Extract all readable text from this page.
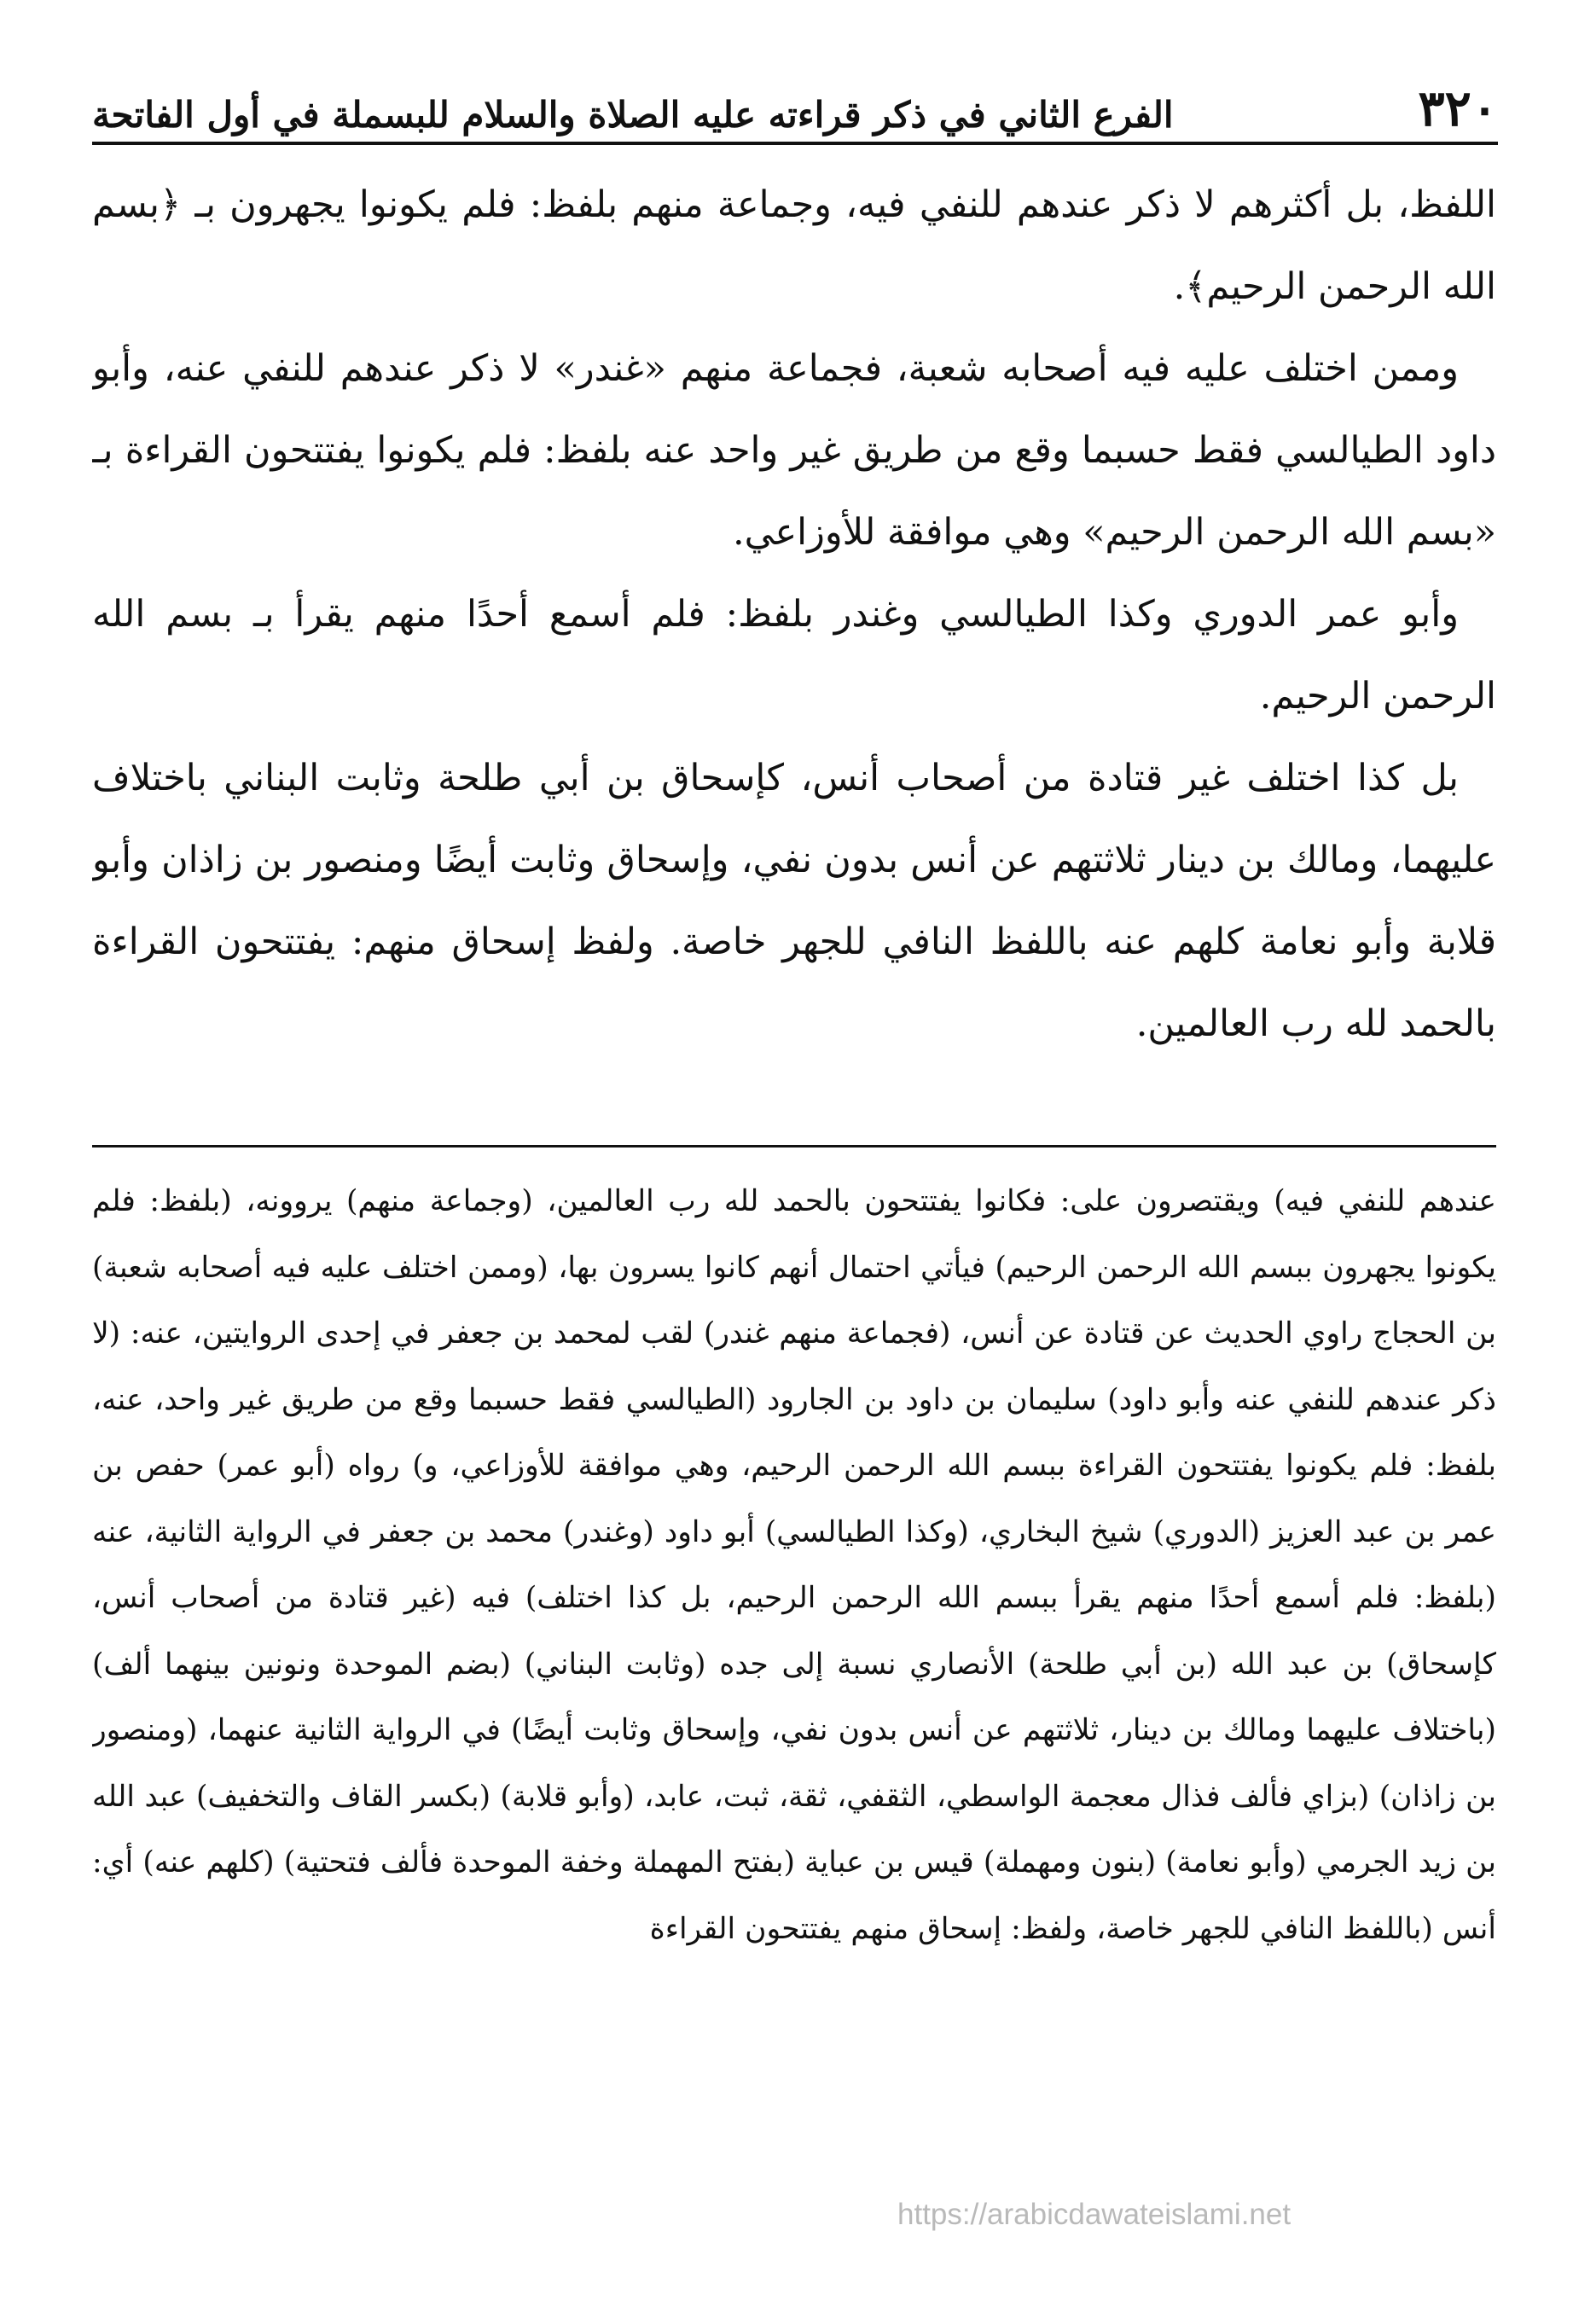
٣٢٠
الفرع الثاني في ذكر قراءته عليه الصلاة والسلام للبسملة في أول الفاتحة

اللفظ، بل أكثرهم لا ذكر عندهم للنفي فيه، وجماعة منهم بلفظ: فلم يكونوا يجهرون بـ ﴿بسم الله الرحمن الرحيم﴾.

وممن اختلف عليه فيه أصحابه شعبة، فجماعة منهم «غندر» لا ذكر عندهم للنفي عنه، وأبو داود الطيالسي فقط حسبما وقع من طريق غير واحد عنه بلفظ: فلم يكونوا يفتتحون القراءة بـ «بسم الله الرحمن الرحيم» وهي موافقة للأوزاعي.

وأبو عمر الدوري وكذا الطيالسي وغندر بلفظ: فلم أسمع أحدًا منهم يقرأ بـ بسم الله الرحمن الرحيم.

بل كذا اختلف غير قتادة من أصحاب أنس، كإسحاق بن أبي طلحة وثابت البناني باختلاف عليهما، ومالك بن دينار ثلاثتهم عن أنس بدون نفي، وإسحاق وثابت أيضًا ومنصور بن زاذان وأبو قلابة وأبو نعامة كلهم عنه باللفظ النافي للجهر خاصة. ولفظ إسحاق منهم: يفتتحون القراءة بالحمد لله رب العالمين.

عندهم للنفي فيه) ويقتصرون على: فكانوا يفتتحون بالحمد لله رب العالمين، (وجماعة منهم) يروونه، (بلفظ: فلم يكونوا يجهرون ببسم الله الرحمن الرحيم) فيأتي احتمال أنهم كانوا يسرون بها، (وممن اختلف عليه فيه أصحابه شعبة) بن الحجاج راوي الحديث عن قتادة عن أنس، (فجماعة منهم غندر) لقب لمحمد بن جعفر في إحدى الروايتين، عنه: (لا ذكر عندهم للنفي عنه وأبو داود) سليمان بن داود بن الجارود (الطيالسي فقط حسبما وقع من طريق غير واحد، عنه، بلفظ: فلم يكونوا يفتتحون القراءة ببسم الله الرحمن الرحيم، وهي موافقة للأوزاعي، و) رواه (أبو عمر) حفص بن عمر بن عبد العزيز (الدوري) شيخ البخاري، (وكذا الطيالسي) أبو داود (وغندر) محمد بن جعفر في الرواية الثانية، عنه (بلفظ: فلم أسمع أحدًا منهم يقرأ ببسم الله الرحمن الرحيم، بل كذا اختلف) فيه (غير قتادة من أصحاب أنس، كإسحاق) بن عبد الله (بن أبي طلحة) الأنصاري نسبة إلى جده (وثابت البناني) (بضم الموحدة ونونين بينهما ألف) (باختلاف عليهما ومالك بن دينار، ثلاثتهم عن أنس بدون نفي، وإسحاق وثابت أيضًا) في الرواية الثانية عنهما، (ومنصور بن زاذان) (بزاي فألف فذال معجمة الواسطي، الثقفي، ثقة، ثبت، عابد، (وأبو قلابة) (بكسر القاف والتخفيف) عبد الله بن زيد الجرمي (وأبو نعامة) (بنون ومهملة) قيس بن عباية (بفتح المهملة وخفة الموحدة فألف فتحتية) (كلهم عنه) أي: أنس (باللفظ النافي للجهر خاصة، ولفظ: إسحاق منهم يفتتحون القراءة

https://arabicdawateislami.net
